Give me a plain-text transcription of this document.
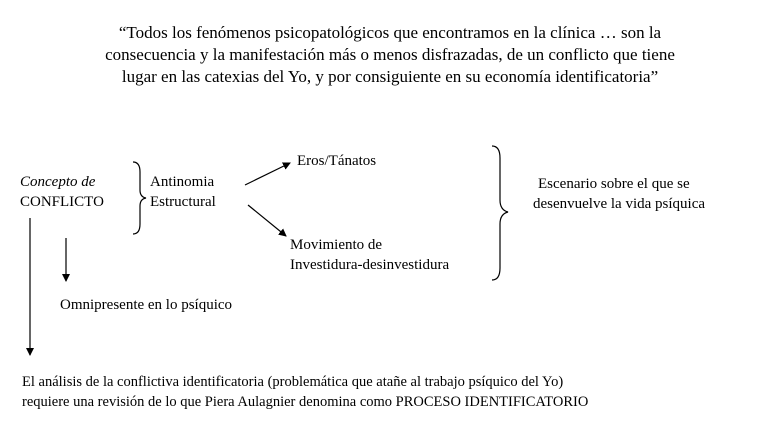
“Todos los fenómenos psicopatológicos que encontramos en la clínica … son la
consecuencia y la manifestación más o menos disfrazadas, de un conflicto que tiene
lugar en las catexias del Yo, y por consiguiente en su economía identificatoria”
Concepto de
CONFLICTO
Antinomia
Estructural
Eros/Tánatos
Movimiento de
Investidura-desinvestidura
Escenario sobre el que se
desenvuelve la vida psíquica
Omnipresente en lo psíquico
El análisis de la conflictiva identificatoria (problemática que atañe al trabajo psíquico del Yo)
requiere una revisión de lo que Piera Aulagnier denomina como PROCESO IDENTIFICATORIO
